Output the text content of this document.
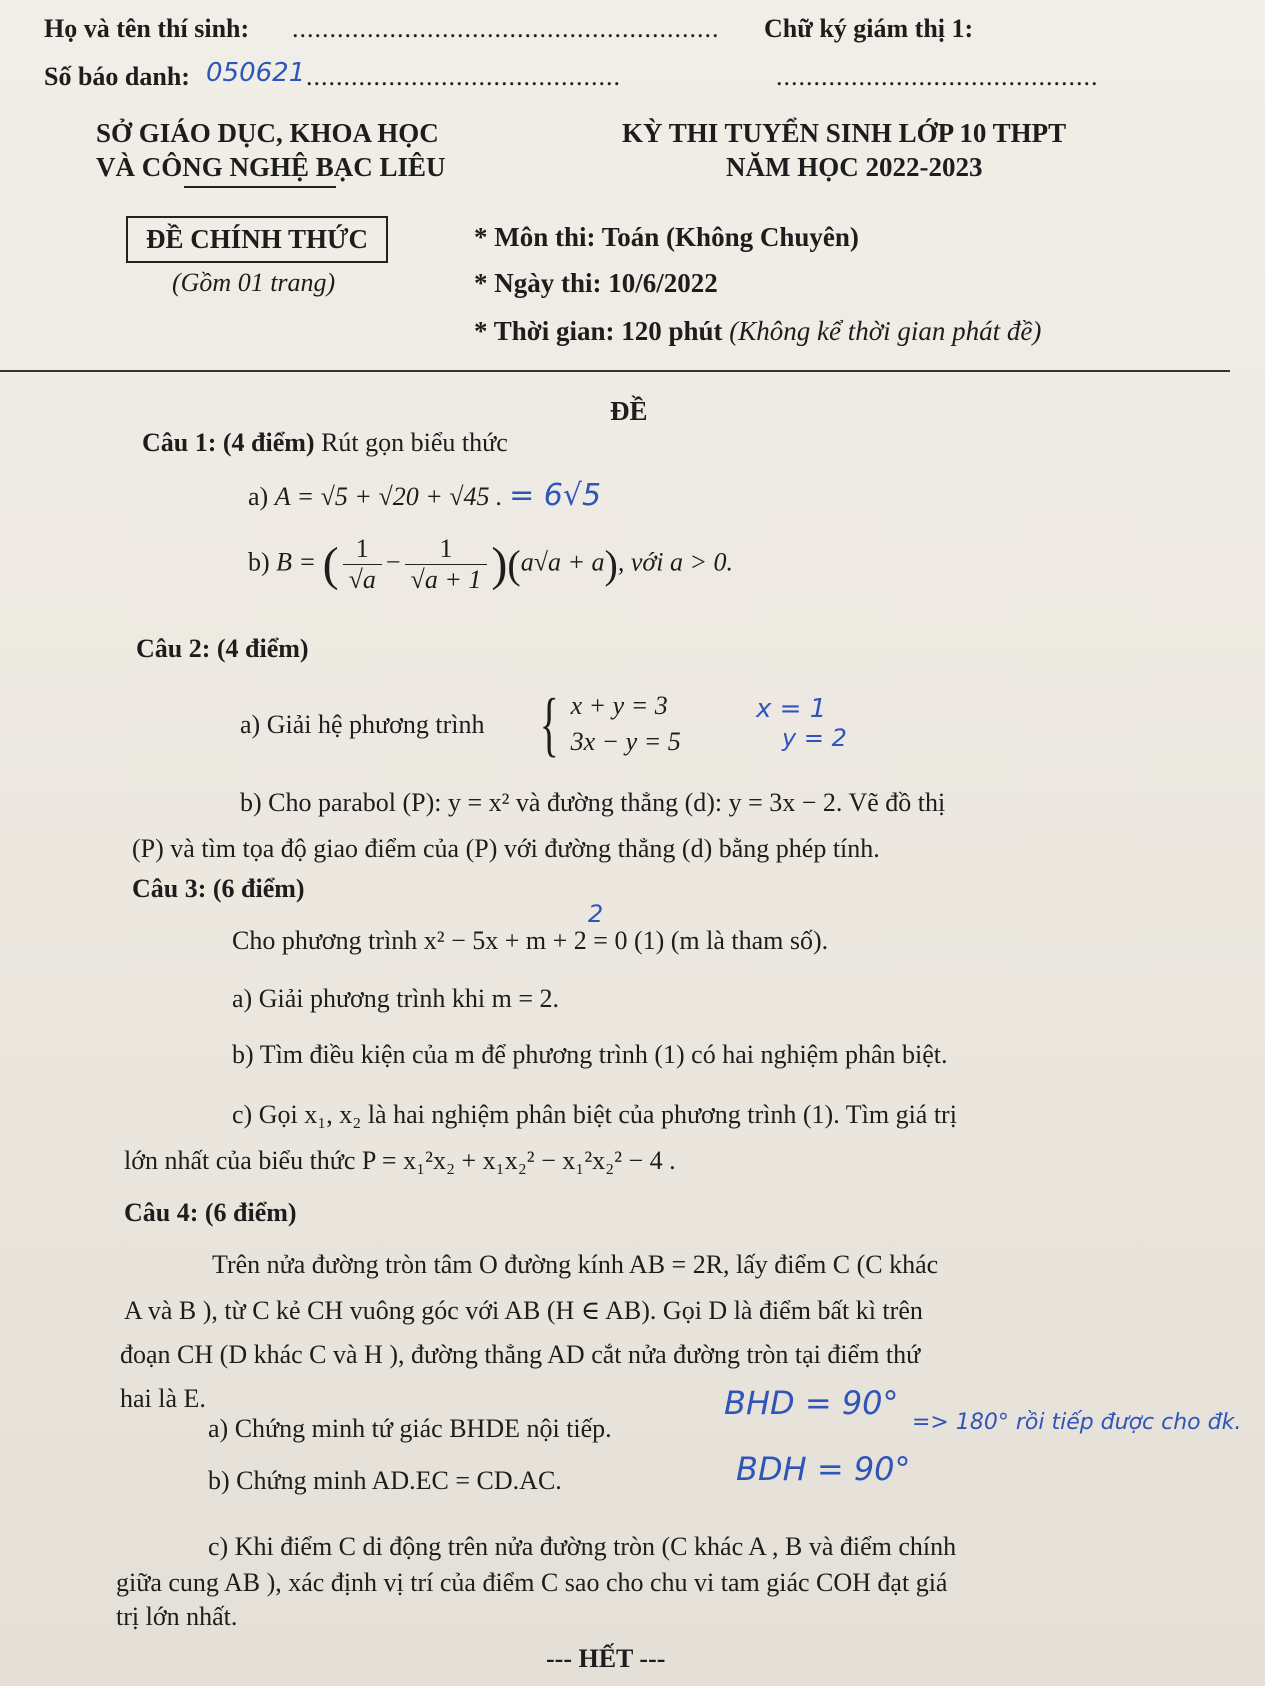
Họ và tên thí sinh: ......................................................... Chữ ký giám thị 1:
Số báo danh: 050621 ..........................................	...........................................
SỞ GIÁO DỤC, KHOA HỌC
VÀ CÔNG NGHỆ BẠC LIÊU
KỲ THI TUYỂN SINH LỚP 10 THPT
NĂM HỌC 2022-2023
ĐỀ CHÍNH THỨC
(Gồm 01 trang)
* Môn thi: Toán (Không Chuyên)
* Ngày thi: 10/6/2022
* Thời gian: 120 phút (Không kể thời gian phát đề)
ĐỀ
Câu 1: (4 điểm) Rút gọn biểu thức
a) A = √5 + √20 + √45 . = 6√5
b) B = ( $\frac{1}{√a} - \frac{1}{√a + 1} )(a√a + a)$, với a > 0.
Câu 2: (4 điểm)
a) Giải hệ phương trình { x + y = 3
3x − y = 5
x = 1
y = 2
b) Cho parabol (P): y = x² và đường thẳng (d): y = 3x − 2. Vẽ đồ thị
(P) và tìm tọa độ giao điểm của (P) với đường thẳng (d) bằng phép tính.
Câu 3: (6 điểm)
2
Cho phương trình x² − 5x + m + 2 = 0 (1) (m là tham số).
a) Giải phương trình khi m = 2.
b) Tìm điều kiện của m để phương trình (1) có hai nghiệm phân biệt.
c) Gọi x₁, x₂ là hai nghiệm phân biệt của phương trình (1). Tìm giá trị
lớn nhất của biểu thức P = x₁²x₂ + x₁x₂² − x₁²x₂² − 4 .
Câu 4: (6 điểm)
Trên nửa đường tròn tâm O đường kính AB = 2R, lấy điểm C (C khác
A và B ), từ C kẻ CH vuông góc với AB (H ∈ AB). Gọi D là điểm bất kì trên
đoạn CH (D khác C và H ), đường thẳng AD cắt nửa đường tròn tại điểm thứ
hai là E.
a) Chứng minh tứ giác BHDE nội tiếp.
b) Chứng minh AD.EC = CD.AC.
BHD = 90°
BDH = 90°
=> 180° rồi tiếp được cho đk.
c) Khi điểm C di động trên nửa đường tròn (C khác A , B và điểm chính
giữa cung AB ), xác định vị trí của điểm C sao cho chu vi tam giác COH đạt giá
trị lớn nhất.
--- HẾT ---
